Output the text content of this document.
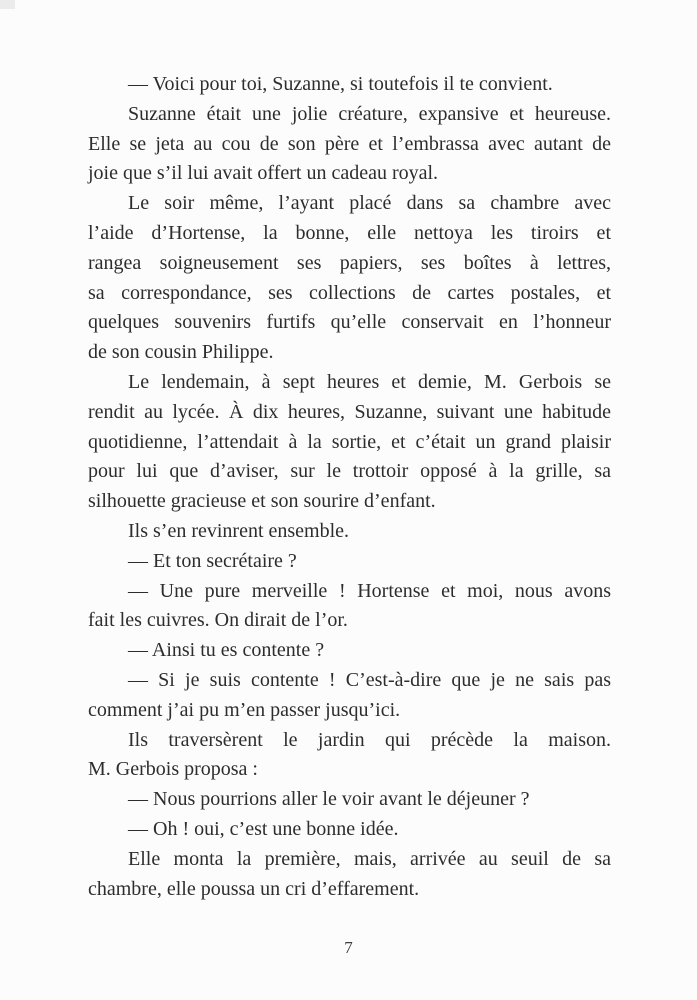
— Voici pour toi, Suzanne, si toutefois il te convient.
Suzanne était une jolie créature, expansive et heureuse.
Elle se jeta au cou de son père et l’embrassa avec autant de
joie que s’il lui avait offert un cadeau royal.
Le soir même, l’ayant placé dans sa chambre avec
l’aide d’Hortense, la bonne, elle nettoya les tiroirs et
rangea soigneusement ses papiers, ses boîtes à lettres,
sa correspondance, ses collections de cartes postales, et
quelques souvenirs furtifs qu’elle conservait en l’honneur
de son cousin Philippe.
Le lendemain, à sept heures et demie, M. Gerbois se
rendit au lycée. À dix heures, Suzanne, suivant une habitude
quotidienne, l’attendait à la sortie, et c’était un grand plaisir
pour lui que d’aviser, sur le trottoir opposé à la grille, sa
silhouette gracieuse et son sourire d’enfant.
Ils s’en revinrent ensemble.
— Et ton secrétaire ?
— Une pure merveille ! Hortense et moi, nous avons
fait les cuivres. On dirait de l’or.
— Ainsi tu es contente ?
— Si je suis contente ! C’est-à-dire que je ne sais pas
comment j’ai pu m’en passer jusqu’ici.
Ils traversèrent le jardin qui précède la maison.
M. Gerbois proposa :
— Nous pourrions aller le voir avant le déjeuner ?
— Oh ! oui, c’est une bonne idée.
Elle monta la première, mais, arrivée au seuil de sa
chambre, elle poussa un cri d’effarement.
7
